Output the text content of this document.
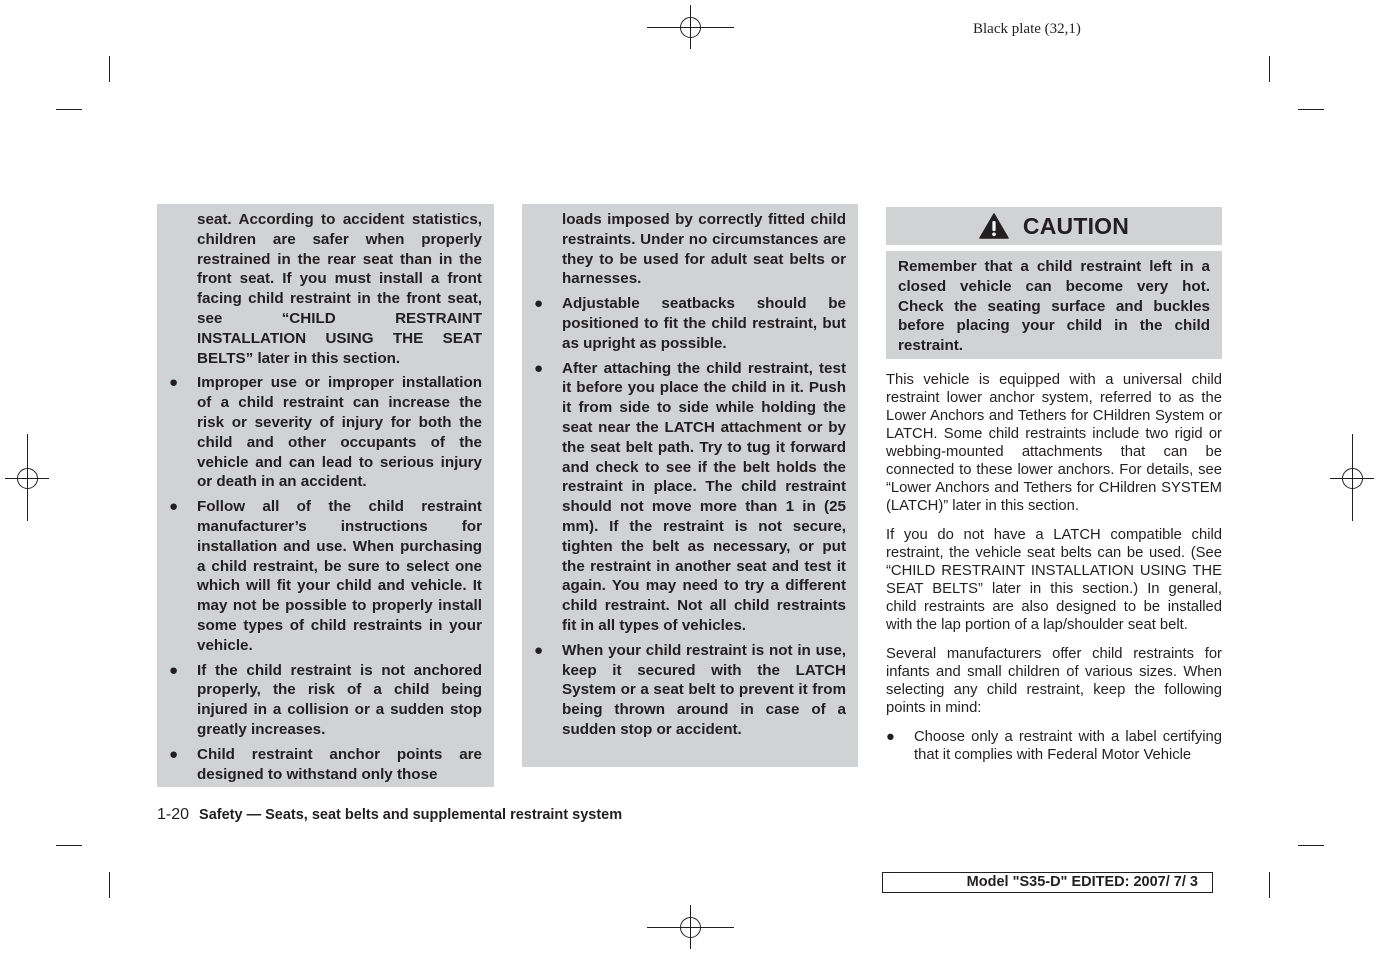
Black plate (32,1)

seat. According to accident statistics, children are safer when properly restrained in the rear seat than in the front seat. If you must install a front facing child restraint in the front seat, see “CHILD RESTRAINT INSTALLATION USING THE SEAT BELTS” later in this section.

● Improper use or improper installation of a child restraint can increase the risk or severity of injury for both the child and other occupants of the vehicle and can lead to serious injury or death in an accident.
● Follow all of the child restraint manufacturer’s instructions for installation and use. When purchasing a child restraint, be sure to select one which will fit your child and vehicle. It may not be possible to properly install some types of child restraints in your vehicle.
● If the child restraint is not anchored properly, the risk of a child being injured in a collision or a sudden stop greatly increases.
● Child restraint anchor points are designed to withstand only those

loads imposed by correctly fitted child restraints. Under no circumstances are they to be used for adult seat belts or harnesses.

● Adjustable seatbacks should be positioned to fit the child restraint, but as upright as possible.
● After attaching the child restraint, test it before you place the child in it. Push it from side to side while holding the seat near the LATCH attachment or by the seat belt path. Try to tug it forward and check to see if the belt holds the restraint in place. The child restraint should not move more than 1 in (25 mm). If the restraint is not secure, tighten the belt as necessary, or put the restraint in another seat and test it again. You may need to try a different child restraint. Not all child restraints fit in all types of vehicles.
● When your child restraint is not in use, keep it secured with the LATCH System or a seat belt to prevent it from being thrown around in case of a sudden stop or accident.
CAUTION
Remember that a child restraint left in a closed vehicle can become very hot. Check the seating surface and buckles before placing your child in the child restraint.

This vehicle is equipped with a universal child restraint lower anchor system, referred to as the Lower Anchors and Tethers for CHildren System or LATCH. Some child restraints include two rigid or webbing-mounted attachments that can be connected to these lower anchors. For details, see “Lower Anchors and Tethers for CHildren SYSTEM (LATCH)” later in this section.

If you do not have a LATCH compatible child restraint, the vehicle seat belts can be used. (See “CHILD RESTRAINT INSTALLATION USING THE SEAT BELTS” later in this section.) In general, child restraints are also designed to be installed with the lap portion of a lap/shoulder seat belt.

Several manufacturers offer child restraints for infants and small children of various sizes. When selecting any child restraint, keep the following points in mind:

● Choose only a restraint with a label certifying that it complies with Federal Motor Vehicle
1-20 Safety — Seats, seat belts and supplemental restraint system
Model "S35-D" EDITED: 2007/ 7/ 3
